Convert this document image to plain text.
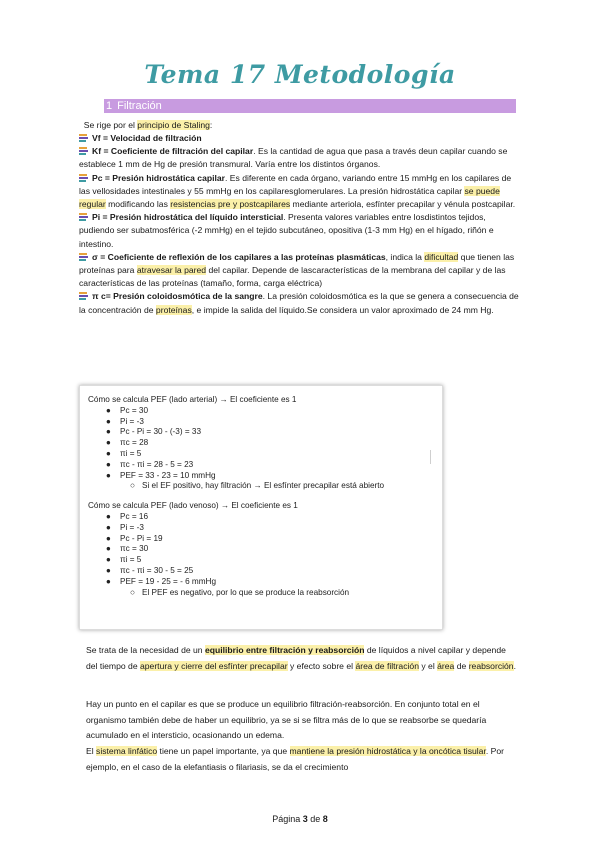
Tema 17 Metodología
1 Filtración

Se rige por el principio de Staling:

Vf = Velocidad de filtración

Kf = Coeficiente de filtración del capilar. Es la cantidad de agua que pasa a través deun capilar cuando se establece 1 mm de Hg de presión transmural. Varía entre los distintos órganos.

Pc = Presión hidrostática capilar. Es diferente en cada órgano, variando entre 15 mmHg en los capilares de las vellosidades intestinales y 55 mmHg en los capilaresglomerulares. La presión hidrostática capilar se puede regular modificando las resistencias pre y postcapilares mediante arteriola, esfínter precapilar y vénula postcapilar.

Pi = Presión hidrostática del líquido intersticial. Presenta valores variables entre losdistintos tejidos, pudiendo ser subatmosférica (-2 mmHg) en el tejido subcutáneo, opositiva (1-3 mm Hg) en el hígado, riñón e intestino.

σ = Coeficiente de reflexión de los capilares a las proteínas plasmáticas, indica la dificultad que tienen las proteínas para atravesar la pared del capilar. Depende de lascaracterísticas de la membrana del capilar y de las características de las proteínas (tamaño, forma, carga eléctrica)

π c= Presión coloidosmótica de la sangre. La presión coloidosmótica es la que se genera a consecuencia de la concentración de proteínas, e impide la salida del líquido.Se considera un valor aproximado de 24 mm Hg.

Cómo se calcula PEF (lado arterial) → El coeficiente es 1

● Pc = 30
● Pi = -3
● Pc - Pi = 30 - (-3) = 33
● πc = 28
● πi = 5
● πc - πi = 28 - 5 = 23
● PEF = 33 - 23 = 10 mmHg
○ Si el EF positivo, hay filtración → El esfínter precapilar está abierto

Cómo se calcula PEF (lado venoso) → El coeficiente es 1

● Pc = 16
● Pi = -3
● Pc - Pi = 19
● πc = 30
● πi = 5
● πc - πi = 30 - 5 = 25
● PEF = 19 - 25 = - 6 mmHg
○ El PEF es negativo, por lo que se produce la reabsorción

Se trata de la necesidad de un equilibrio entre filtración y reabsorción de líquidos a nivel capilar y depende del tiempo de apertura y cierre del esfínter precapilar y efecto sobre el área de filtración y el área de reabsorción.

Hay un punto en el capilar es que se produce un equilibrio filtración-reabsorción. En conjunto total en el organismo también debe de haber un equilibrio, ya se si se filtra más de lo que se reabsorbe se quedaría acumulado en el intersticio, ocasionando un edema.

El sistema linfático tiene un papel importante, ya que mantiene la presión hidrostática y la oncótica tisular. Por ejemplo, en el caso de la elefantiasis o filariasis, se da el crecimiento

Página 3 de 8
